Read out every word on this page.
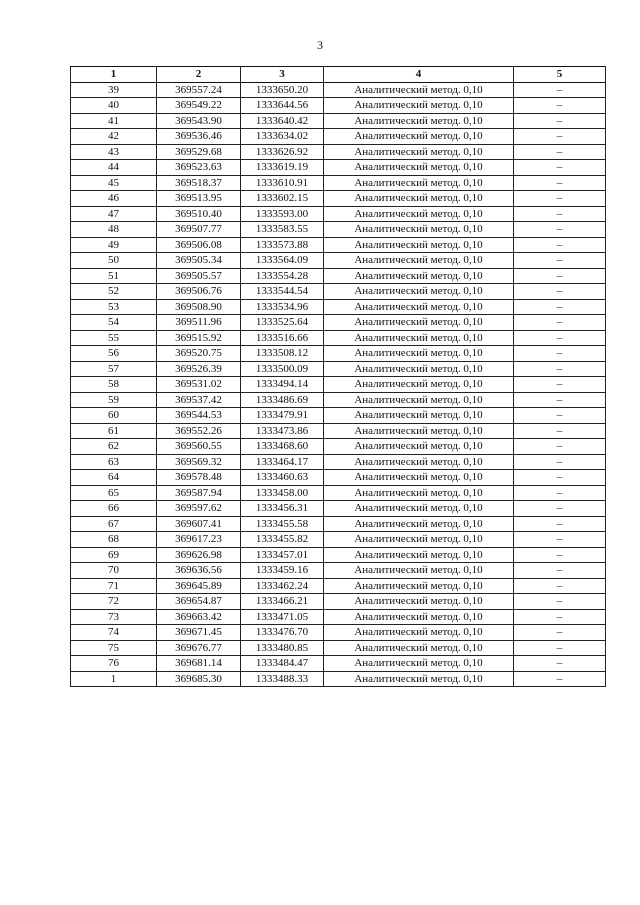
3
1	2	3	4	5
39	369557.24	1333650.20	Аналитический метод. 0,10	–
40	369549.22	1333644.56	Аналитический метод. 0,10	–
41	369543.90	1333640.42	Аналитический метод. 0,10	–
42	369536.46	1333634.02	Аналитический метод. 0,10	–
43	369529.68	1333626.92	Аналитический метод. 0,10	–
44	369523.63	1333619.19	Аналитический метод. 0,10	–
45	369518.37	1333610.91	Аналитический метод. 0,10	–
46	369513.95	1333602.15	Аналитический метод. 0,10	–
47	369510.40	1333593.00	Аналитический метод. 0,10	–
48	369507.77	1333583.55	Аналитический метод. 0,10	–
49	369506.08	1333573.88	Аналитический метод. 0,10	–
50	369505.34	1333564.09	Аналитический метод. 0,10	–
51	369505.57	1333554.28	Аналитический метод. 0,10	–
52	369506.76	1333544.54	Аналитический метод. 0,10	–
53	369508.90	1333534.96	Аналитический метод. 0,10	–
54	369511.96	1333525.64	Аналитический метод. 0,10	–
55	369515.92	1333516.66	Аналитический метод. 0,10	–
56	369520.75	1333508.12	Аналитический метод. 0,10	–
57	369526.39	1333500.09	Аналитический метод. 0,10	–
58	369531.02	1333494.14	Аналитический метод. 0,10	–
59	369537.42	1333486.69	Аналитический метод. 0,10	–
60	369544.53	1333479.91	Аналитический метод. 0,10	–
61	369552.26	1333473.86	Аналитический метод. 0,10	–
62	369560.55	1333468.60	Аналитический метод. 0,10	–
63	369569.32	1333464.17	Аналитический метод. 0,10	–
64	369578.48	1333460.63	Аналитический метод. 0,10	–
65	369587.94	1333458.00	Аналитический метод. 0,10	–
66	369597.62	1333456.31	Аналитический метод. 0,10	–
67	369607.41	1333455.58	Аналитический метод. 0,10	–
68	369617.23	1333455.82	Аналитический метод. 0,10	–
69	369626.98	1333457.01	Аналитический метод. 0,10	–
70	369636.56	1333459.16	Аналитический метод. 0,10	–
71	369645.89	1333462.24	Аналитический метод. 0,10	–
72	369654.87	1333466.21	Аналитический метод. 0,10	–
73	369663.42	1333471.05	Аналитический метод. 0,10	–
74	369671.45	1333476.70	Аналитический метод. 0,10	–
75	369676.77	1333480.85	Аналитический метод. 0,10	–
76	369681.14	1333484.47	Аналитический метод. 0,10	–
1	369685.30	1333488.33	Аналитический метод. 0,10	–
